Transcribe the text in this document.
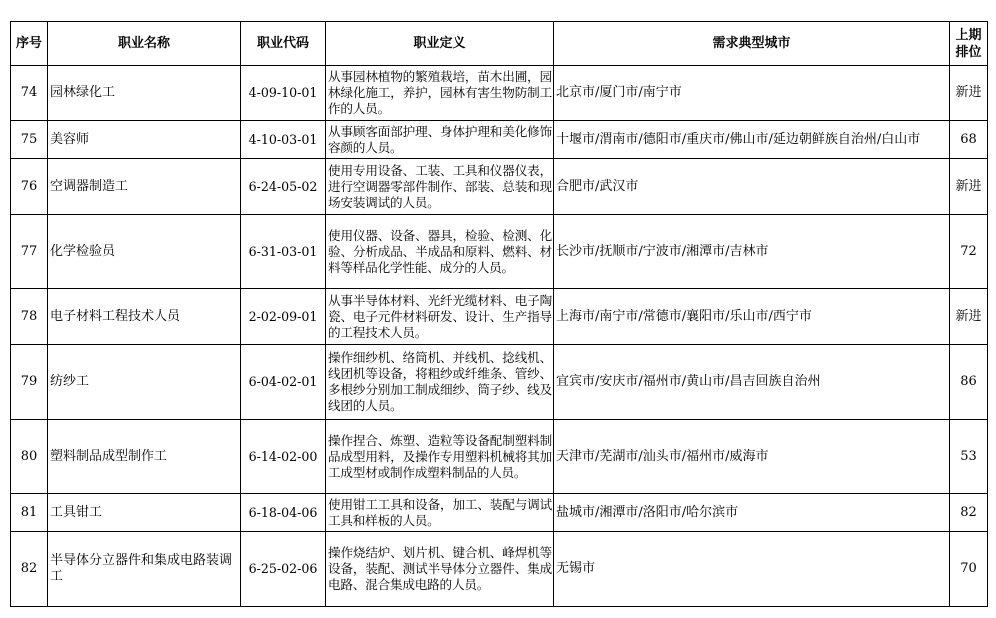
序号	职业名称	职业代码	职业定义	需求典型城市	上期排位
74	园林绿化工	4-09-10-01	从事园林植物的繁殖栽培，苗木出圃，园林绿化施工，养护，园林有害生物防制工作的人员。	北京市/厦门市/南宁市	新进
75	美容师	4-10-03-01	从事顾客面部护理、身体护理和美化修饰容颜的人员。	十堰市/渭南市/德阳市/重庆市/佛山市/延边朝鲜族自治州/白山市	68
76	空调器制造工	6-24-05-02	使用专用设备、工装、工具和仪器仪表，进行空调器零部件制作、部装、总装和现场安装调试的人员。	合肥市/武汉市	新进
77	化学检验员	6-31-03-01	使用仪器、设备、器具，检验、检测、化验、分析成品、半成品和原料、燃料、材料等样品化学性能、成分的人员。	长沙市/抚顺市/宁波市/湘潭市/吉林市	72
78	电子材料工程技术人员	2-02-09-01	从事半导体材料、光纤光缆材料、电子陶瓷、电子元件材料研发、设计、生产指导的工程技术人员。	上海市/南宁市/常德市/襄阳市/乐山市/西宁市	新进
79	纺纱工	6-04-02-01	操作细纱机、络筒机、并线机、捻线机、线团机等设备，将粗纱或纤维条、管纱、多根纱分别加工制成细纱、筒子纱、线及线团的人员。	宜宾市/安庆市/福州市/黄山市/昌吉回族自治州	86
80	塑料制品成型制作工	6-14-02-00	操作捏合、炼塑、造粒等设备配制塑料制品成型用料，及操作专用塑料机械将其加工成型材或制作成塑料制品的人员。	天津市/芜湖市/汕头市/福州市/威海市	53
81	工具钳工	6-18-04-06	使用钳工工具和设备，加工、装配与调试工具和样板的人员。	盐城市/湘潭市/洛阳市/哈尔滨市	82
82	半导体分立器件和集成电路装调工	6-25-02-06	操作烧结炉、划片机、键合机、峰焊机等设备，装配、测试半导体分立器件、集成电路、混合集成电路的人员。	无锡市	70
